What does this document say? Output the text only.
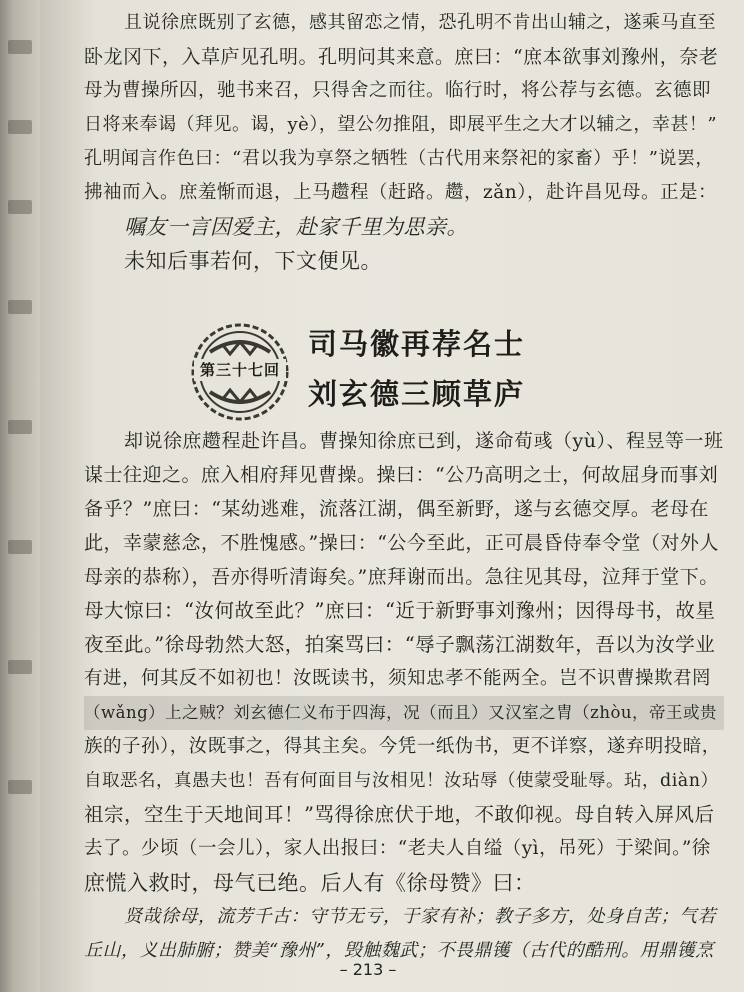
且说徐庶既别了玄德，感其留恋之情，恐孔明不肯出山辅之，遂乘马直至
卧龙冈下，入草庐见孔明。孔明问其来意。庶曰：“庶本欲事刘豫州，奈老
母为曹操所囚，驰书来召，只得舍之而往。临行时，将公荐与玄德。玄德即
日将来奉谒（拜见。谒，yè），望公勿推阻，即展平生之大才以辅之，幸甚！”
孔明闻言作色曰：“君以我为享祭之牺牲（古代用来祭祀的家畜）乎！”说罢，
拂袖而入。庶羞惭而退，上马趱程（赶路。趱，zǎn），赴许昌见母。正是：
嘱友一言因爱主，赴家千里为思亲。
未知后事若何，下文便见。
第三十七回
司马徽再荐名士
刘玄德三顾草庐
却说徐庶趱程赴许昌。曹操知徐庶已到，遂命荀彧（yù）、程昱等一班
谋士往迎之。庶入相府拜见曹操。操曰：“公乃高明之士，何故屈身而事刘
备乎？”庶曰：“某幼逃难，流落江湖，偶至新野，遂与玄德交厚。老母在
此，幸蒙慈念，不胜愧感。”操曰：“公今至此，正可晨昏侍奉令堂（对外人
母亲的恭称），吾亦得听清诲矣。”庶拜谢而出。急往见其母，泣拜于堂下。
母大惊曰：“汝何故至此？”庶曰：“近于新野事刘豫州；因得母书，故星
夜至此。”徐母勃然大怒，拍案骂曰：“辱子飘荡江湖数年，吾以为汝学业
有进，何其反不如初也！汝既读书，须知忠孝不能两全。岂不识曹操欺君罔
（wǎng）上之贼？刘玄德仁义布于四海，况（而且）又汉室之胄（zhòu，帝王或贵
族的子孙），汝既事之，得其主矣。今凭一纸伪书，更不详察，遂弃明投暗，
自取恶名，真愚夫也！吾有何面目与汝相见！汝玷辱（使蒙受耻辱。玷，diàn）
祖宗，空生于天地间耳！”骂得徐庶伏于地，不敢仰视。母自转入屏风后
去了。少顷（一会儿），家人出报曰：“老夫人自缢（yì，吊死）于梁间。”徐
庶慌入救时，母气已绝。后人有《徐母赞》曰：
贤哉徐母，流芳千古：守节无亏，于家有补；教子多方，处身自苦；气若
丘山，义出肺腑；赞美“豫州”，毁触魏武；不畏鼎镬（古代的酷刑。用鼎镬烹
– 213 –
